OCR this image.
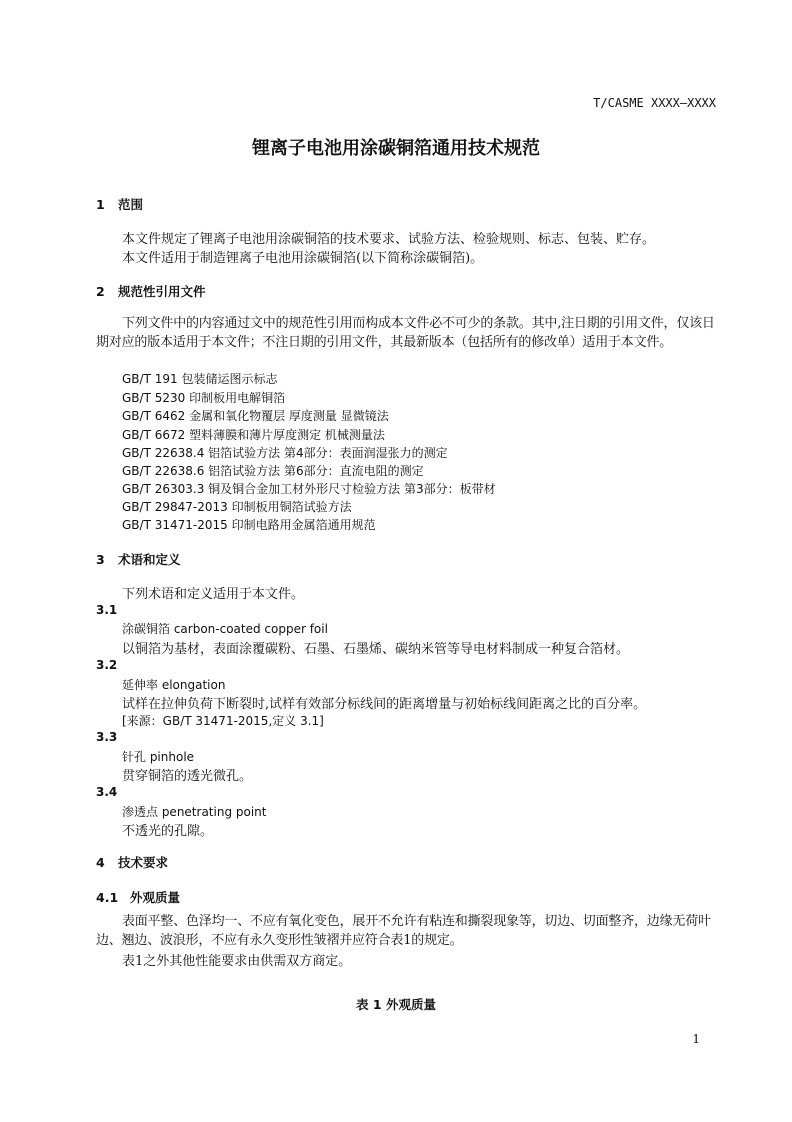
T/CASME XXXX—XXXX
锂离子电池用涂碳铜箔通用技术规范
1 范围
本文件规定了锂离子电池用涂碳铜箔的技术要求、试验方法、检验规则、标志、包装、贮存。
本文件适用于制造锂离子电池用涂碳铜箔(以下简称涂碳铜箔)。
2 规范性引用文件
下列文件中的内容通过文中的规范性引用而构成本文件必不可少的条款。其中,注日期的引用文件，仅该日期对应的版本适用于本文件；不注日期的引用文件，其最新版本（包括所有的修改单）适用于本文件。
GB/T 191 包装储运图示标志
GB/T 5230 印制板用电解铜箔
GB/T 6462 金属和氧化物覆层 厚度测量 显微镜法
GB/T 6672 塑料薄膜和薄片厚度测定 机械测量法
GB/T 22638.4 铝箔试验方法 第4部分：表面润湿张力的测定
GB/T 22638.6 铝箔试验方法 第6部分：直流电阻的测定
GB/T 26303.3 铜及铜合金加工材外形尺寸检验方法 第3部分：板带材
GB/T 29847-2013 印制板用铜箔试验方法
GB/T 31471-2015 印制电路用金属箔通用规范
3 术语和定义
下列术语和定义适用于本文件。
3.1
涂碳铜箔 carbon-coated copper foil
以铜箔为基材，表面涂覆碳粉、石墨、石墨烯、碳纳米管等导电材料制成一种复合箔材。
3.2
延伸率 elongation
试样在拉伸负荷下断裂时,试样有效部分标线间的距离增量与初始标线间距离之比的百分率。
[来源：GB/T 31471-2015,定义 3.1]
3.3
针孔 pinhole
贯穿铜箔的透光微孔。
3.4
渗透点 penetrating point
不透光的孔隙。
4 技术要求
4.1 外观质量
表面平整、色泽均一、不应有氧化变色，展开不允许有粘连和撕裂现象等，切边、切面整齐，边缘无荷叶边、翘边、波浪形，不应有永久变形性皱褶并应符合表1的规定。
表1之外其他性能要求由供需双方商定。
表 1 外观质量
1
